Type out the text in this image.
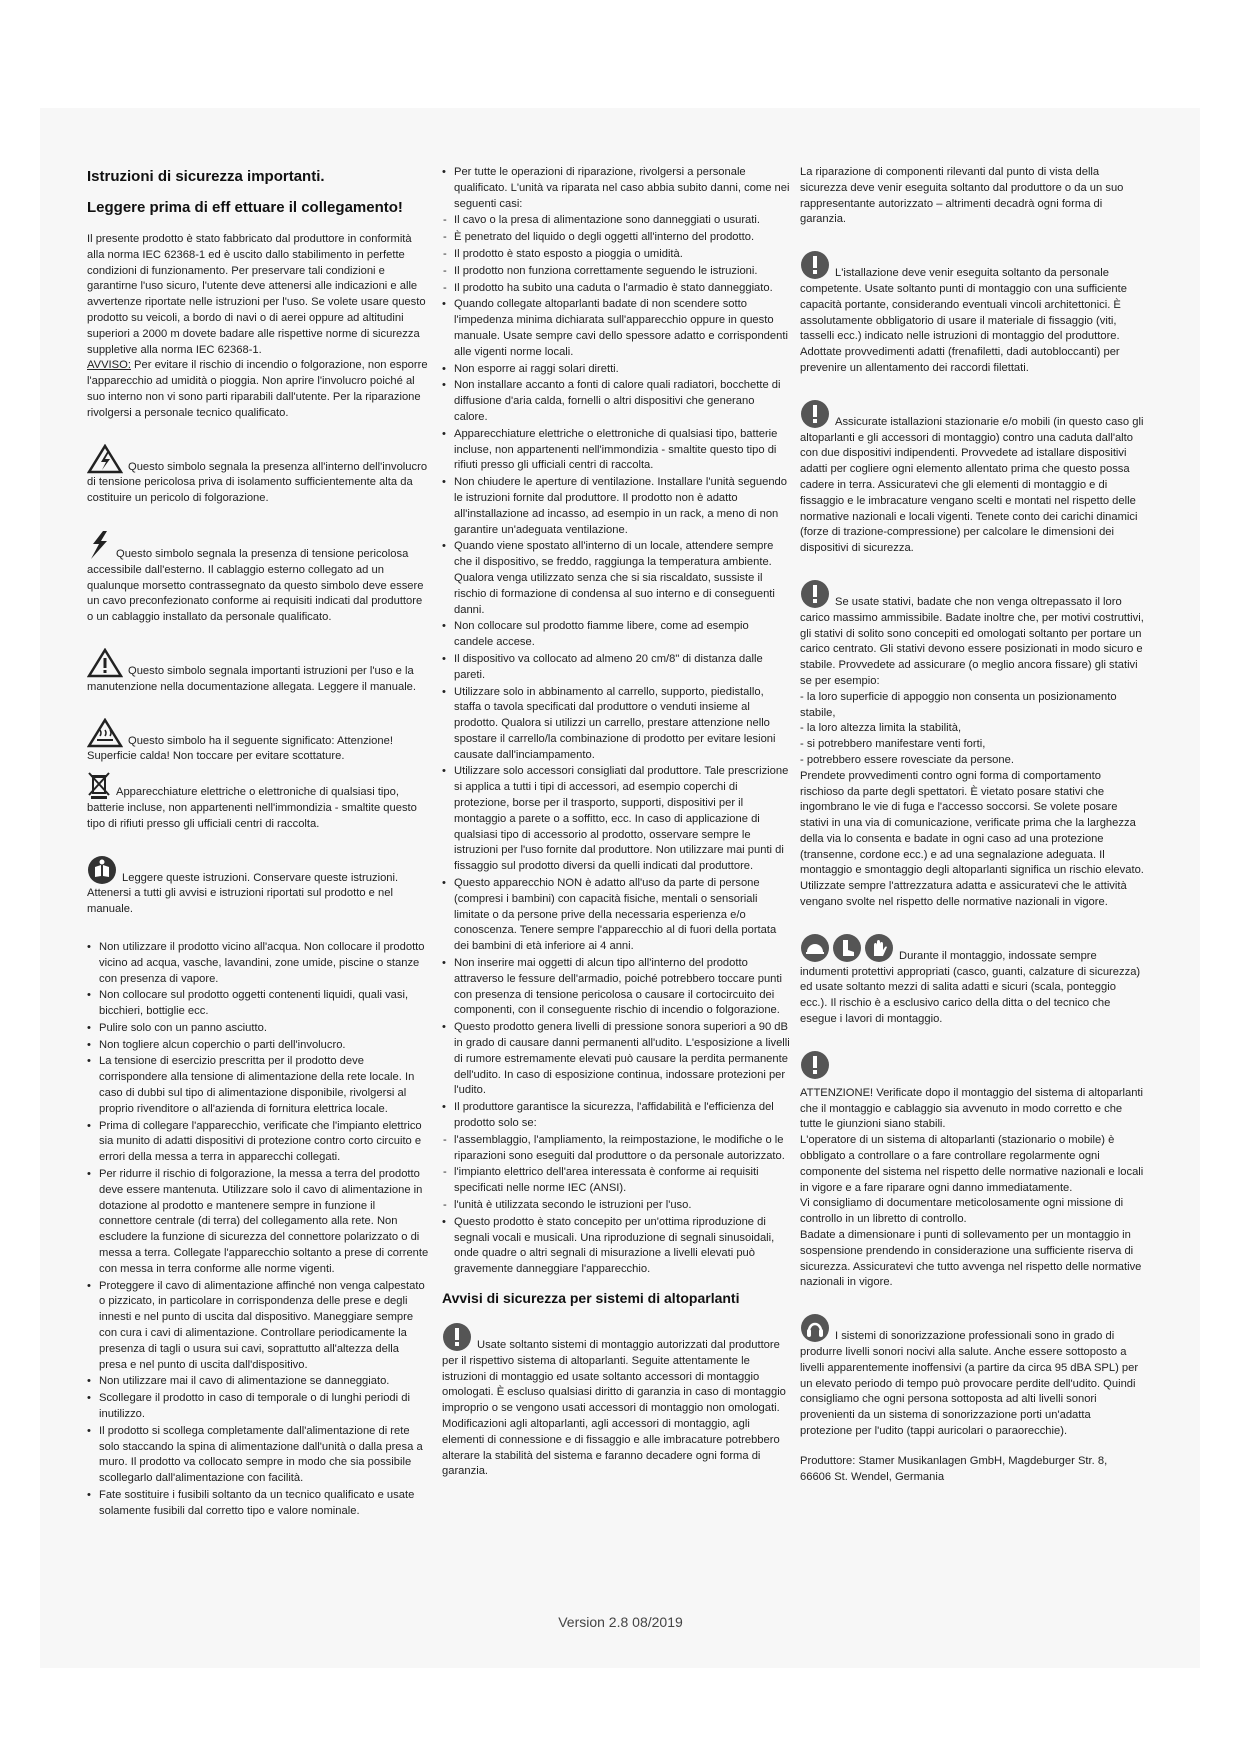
Istruzioni di sicurezza importanti.
Leggere prima di eff ettuare il collegamento!

Il presente prodotto è stato fabbricato dal produttore in conformità alla norma IEC 62368-1 ed è uscito dallo stabilimento in perfette condizioni di funzionamento. Per preservare tali condizioni e garantirne l'uso sicuro, l'utente deve attenersi alle indicazioni e alle avvertenze riportate nelle istruzioni per l'uso. Se volete usare questo prodotto su veicoli, a bordo di navi o di aerei oppure ad altitudini superiori a 2000 m dovete badare alle rispettive norme di sicurezza suppletive alla norma IEC 62368-1.

AVVISO: Per evitare il rischio di incendio o folgorazione, non esporre l'apparecchio ad umidità o pioggia. Non aprire l'involucro poiché al suo interno non vi sono parti riparabili dall'utente. Per la riparazione rivolgersi a personale tecnico qualificato.

Questo simbolo segnala la presenza all'interno dell'involucro di tensione pericolosa priva di isolamento sufficientemente alta da costituire un pericolo di folgorazione.

Questo simbolo segnala la presenza di tensione pericolosa accessibile dall'esterno. Il cablaggio esterno collegato ad un qualunque morsetto contrassegnato da questo simbolo deve essere un cavo preconfezionato conforme ai requisiti indicati dal produttore o un cablaggio installato da personale qualificato.

Questo simbolo segnala importanti istruzioni per l'uso e la manutenzione nella documentazione allegata. Leggere il manuale.

Questo simbolo ha il seguente significato: Attenzione! Superficie calda! Non toccare per evitare scottature.

Apparecchiature elettriche o elettroniche di qualsiasi tipo, batterie incluse, non appartenenti nell'immondizia - smaltite questo tipo di rifiuti presso gli ufficiali centri di raccolta.

Leggere queste istruzioni. Conservare queste istruzioni. Attenersi a tutti gli avvisi e istruzioni riportati sul prodotto e nel manuale.

• Non utilizzare il prodotto vicino all'acqua. Non collocare il prodotto vicino ad acqua, vasche, lavandini, zone umide, piscine o stanze con presenza di vapore.
• Non collocare sul prodotto oggetti contenenti liquidi, quali vasi, bicchieri, bottiglie ecc.
• Pulire solo con un panno asciutto.
• Non togliere alcun coperchio o parti dell'involucro.
• La tensione di esercizio prescritta per il prodotto deve corrispondere alla tensione di alimentazione della rete locale. In caso di dubbi sul tipo di alimentazione disponibile, rivolgersi al proprio rivenditore o all'azienda di fornitura elettrica locale.
• Prima di collegare l'apparecchio, verificate che l'impianto elettrico sia munito di adatti dispositivi di protezione contro corto circuito e errori della messa a terra in apparecchi collegati.
• Per ridurre il rischio di folgorazione, la messa a terra del prodotto deve essere mantenuta. Utilizzare solo il cavo di alimentazione in dotazione al prodotto e mantenere sempre in funzione il connettore centrale (di terra) del collegamento alla rete. Non escludere la funzione di sicurezza del connettore polarizzato o di messa a terra. Collegate l'apparecchio soltanto a prese di corrente con messa in terra conforme alle norme vigenti.
• Proteggere il cavo di alimentazione affinché non venga calpestato o pizzicato, in particolare in corrispondenza delle prese e degli innesti e nel punto di uscita dal dispositivo. Maneggiare sempre con cura i cavi di alimentazione. Controllare periodicamente la presenza di tagli o usura sui cavi, soprattutto all'altezza della presa e nel punto di uscita dall'dispositivo.
• Non utilizzare mai il cavo di alimentazione se danneggiato.
• Scollegare il prodotto in caso di temporale o di lunghi periodi di inutilizzo.
• Il prodotto si scollega completamente dall'alimentazione di rete solo staccando la spina di alimentazione dall'unità o dalla presa a muro. Il prodotto va collocato sempre in modo che sia possibile scollegarlo dall'alimentazione con facilità.
• Fate sostituire i fusibili soltanto da un tecnico qualificato e usate solamente fusibili dal corretto tipo e valore nominale.
• Per tutte le operazioni di riparazione, rivolgersi a personale qualificato. L'unità va riparata nel caso abbia subito danni, come nei seguenti casi:
- Il cavo o la presa di alimentazione sono danneggiati o usurati.
- È penetrato del liquido o degli oggetti all'interno del prodotto.
- Il prodotto è stato esposto a pioggia o umidità.
- Il prodotto non funziona correttamente seguendo le istruzioni.
- Il prodotto ha subito una caduta o l'armadio è stato danneggiato.
• Quando collegate altoparlanti badate di non scendere sotto l'impedenza minima dichiarata sull'apparecchio oppure in questo manuale. Usate sempre cavi dello spessore adatto e corrispondenti alle vigenti norme locali.
• Non esporre ai raggi solari diretti.
• Non installare accanto a fonti di calore quali radiatori, bocchette di diffusione d'aria calda, fornelli o altri dispositivi che generano calore.
• Apparecchiature elettriche o elettroniche di qualsiasi tipo, batterie incluse, non appartenenti nell'immondizia - smaltite questo tipo di rifiuti presso gli ufficiali centri di raccolta.
• Non chiudere le aperture di ventilazione. Installare l'unità seguendo le istruzioni fornite dal produttore. Il prodotto non è adatto all'installazione ad incasso, ad esempio in un rack, a meno di non garantire un'adeguata ventilazione.
• Quando viene spostato all'interno di un locale, attendere sempre che il dispositivo, se freddo, raggiunga la temperatura ambiente. Qualora venga utilizzato senza che si sia riscaldato, sussiste il rischio di formazione di condensa al suo interno e di conseguenti danni.
• Non collocare sul prodotto fiamme libere, come ad esempio candele accese.
• Il dispositivo va collocato ad almeno 20 cm/8" di distanza dalle pareti.
• Utilizzare solo in abbinamento al carrello, supporto, piedistallo, staffa o tavola specificati dal produttore o venduti insieme al prodotto. Qualora si utilizzi un carrello, prestare attenzione nello spostare il carrello/la combinazione di prodotto per evitare lesioni causate dall'inciampamento.
• Utilizzare solo accessori consigliati dal produttore. Tale prescrizione si applica a tutti i tipi di accessori, ad esempio coperchi di protezione, borse per il trasporto, supporti, dispositivi per il montaggio a parete o a soffitto, ecc. In caso di applicazione di qualsiasi tipo di accessorio al prodotto, osservare sempre le istruzioni per l'uso fornite dal produttore. Non utilizzare mai punti di fissaggio sul prodotto diversi da quelli indicati dal produttore.
• Questo apparecchio NON è adatto all'uso da parte di persone (compresi i bambini) con capacità fisiche, mentali o sensoriali limitate o da persone prive della necessaria esperienza e/o conoscenza. Tenere sempre l'apparecchio al di fuori della portata dei bambini di età inferiore ai 4 anni.
• Non inserire mai oggetti di alcun tipo all'interno del prodotto attraverso le fessure dell'armadio, poiché potrebbero toccare punti con presenza di tensione pericolosa o causare il cortocircuito dei componenti, con il conseguente rischio di incendio o folgorazione.
• Questo prodotto genera livelli di pressione sonora superiori a 90 dB in grado di causare danni permanenti all'udito. L'esposizione a livelli di rumore estremamente elevati può causare la perdita permanente dell'udito. In caso di esposizione continua, indossare protezioni per l'udito.
• Il produttore garantisce la sicurezza, l'affidabilità e l'efficienza del prodotto solo se:
- l'assemblaggio, l'ampliamento, la reimpostazione, le modifiche o le riparazioni sono eseguiti dal produttore o da personale autorizzato.
- l'impianto elettrico dell'area interessata è conforme ai requisiti specificati nelle norme IEC (ANSI).
- l'unità è utilizzata secondo le istruzioni per l'uso.
• Questo prodotto è stato concepito per un'ottima riproduzione di segnali vocali e musicali. Una riproduzione di segnali sinusoidali, onde quadre o altri segnali di misurazione a livelli elevati può gravemente danneggiare l'apparecchio.
Avvisi di sicurezza per sistemi di altoparlanti

Usate soltanto sistemi di montaggio autorizzati dal produttore per il rispettivo sistema di altoparlanti. Seguite attentamente le istruzioni di montaggio ed usate soltanto accessori di montaggio omologati. È escluso qualsiasi diritto di garanzia in caso di montaggio improprio o se vengono usati accessori di montaggio non omologati. Modificazioni agli altoparlanti, agli accessori di montaggio, agli elementi di connessione e di fissaggio e alle imbracature potrebbero alterare la stabilità del sistema e faranno decadere ogni forma di garanzia.

La riparazione di componenti rilevanti dal punto di vista della sicurezza deve venir eseguita soltanto dal produttore o da un suo rappresentante autorizzato – altrimenti decadrà ogni forma di garanzia.

L'istallazione deve venir eseguita soltanto da personale competente. Usate soltanto punti di montaggio con una sufficiente capacità portante, considerando eventuali vincoli architettonici. È assolutamente obbligatorio di usare il materiale di fissaggio (viti, tasselli ecc.) indicato nelle istruzioni di montaggio del produttore. Adottate provvedimenti adatti (frenafiletti, dadi autobloccanti) per prevenire un allentamento dei raccordi filettati.

Assicurate istallazioni stazionarie e/o mobili (in questo caso gli altoparlanti e gli accessori di montaggio) contro una caduta dall'alto con due dispositivi indipendenti. Provvedete ad istallare dispositivi adatti per cogliere ogni elemento allentato prima che questo possa cadere in terra. Assicuratevi che gli elementi di montaggio e di fissaggio e le imbracature vengano scelti e montati nel rispetto delle normative nazionali e locali vigenti. Tenete conto dei carichi dinamici (forze di trazione-compressione) per calcolare le dimensioni dei dispositivi di sicurezza.

Se usate stativi, badate che non venga oltrepassato il loro carico massimo ammissibile. Badate inoltre che, per motivi costruttivi, gli stativi di solito sono concepiti ed omologati soltanto per portare un carico centrato. Gli stativi devono essere posizionati in modo sicuro e stabile. Provvedete ad assicurare (o meglio ancora fissare) gli stativi se per esempio:

- la loro superficie di appoggio non consenta un posizionamento stabile,

- la loro altezza limita la stabilità,

- si potrebbero manifestare venti forti,

- potrebbero essere rovesciate da persone.

Prendete provvedimenti contro ogni forma di comportamento rischioso da parte degli spettatori. È vietato posare stativi che ingombrano le vie di fuga e l'accesso soccorsi. Se volete posare stativi in una via di comunicazione, verificate prima che la larghezza della via lo consenta e badate in ogni caso ad una protezione (transenne, cordone ecc.) e ad una segnalazione adeguata. Il montaggio e smontaggio degli altoparlanti significa un rischio elevato. Utilizzate sempre l'attrezzatura adatta e assicuratevi che le attività vengano svolte nel rispetto delle normative nazionali in vigore.

Durante il montaggio, indossate sempre indumenti protettivi appropriati (casco, guanti, calzature di sicurezza) ed usate soltanto mezzi di salita adatti e sicuri (scala, ponteggio ecc.). Il rischio è a esclusivo carico della ditta o del tecnico che esegue i lavori di montaggio.

ATTENZIONE! Verificate dopo il montaggio del sistema di altoparlanti che il montaggio e cablaggio sia avvenuto in modo corretto e che tutte le giunzioni siano stabili.

L'operatore di un sistema di altoparlanti (stazionario o mobile) è obbligato a controllare o a fare controllare regolarmente ogni componente del sistema nel rispetto delle normative nazionali e locali in vigore e a fare riparare ogni danno immediatamente.

Vi consigliamo di documentare meticolosamente ogni missione di controllo in un libretto di controllo.

Badate a dimensionare i punti di sollevamento per un montaggio in sospensione prendendo in considerazione una sufficiente riserva di sicurezza. Assicuratevi che tutto avvenga nel rispetto delle normative nazionali in vigore.

I sistemi di sonorizzazione professionali sono in grado di produrre livelli sonori nocivi alla salute. Anche essere sottoposto a livelli apparentemente inoffensivi (a partire da circa 95 dBA SPL) per un elevato periodo di tempo può provocare perdite dell'udito. Quindi consigliamo che ogni persona sottoposta ad alti livelli sonori provenienti da un sistema di sonorizzazione porti un'adatta protezione per l'udito (tappi auricolari o paraorecchie).

Produttore: Stamer Musikanlagen GmbH, Magdeburger Str. 8,

66606 St. Wendel, Germania

Version 2.8 08/2019
